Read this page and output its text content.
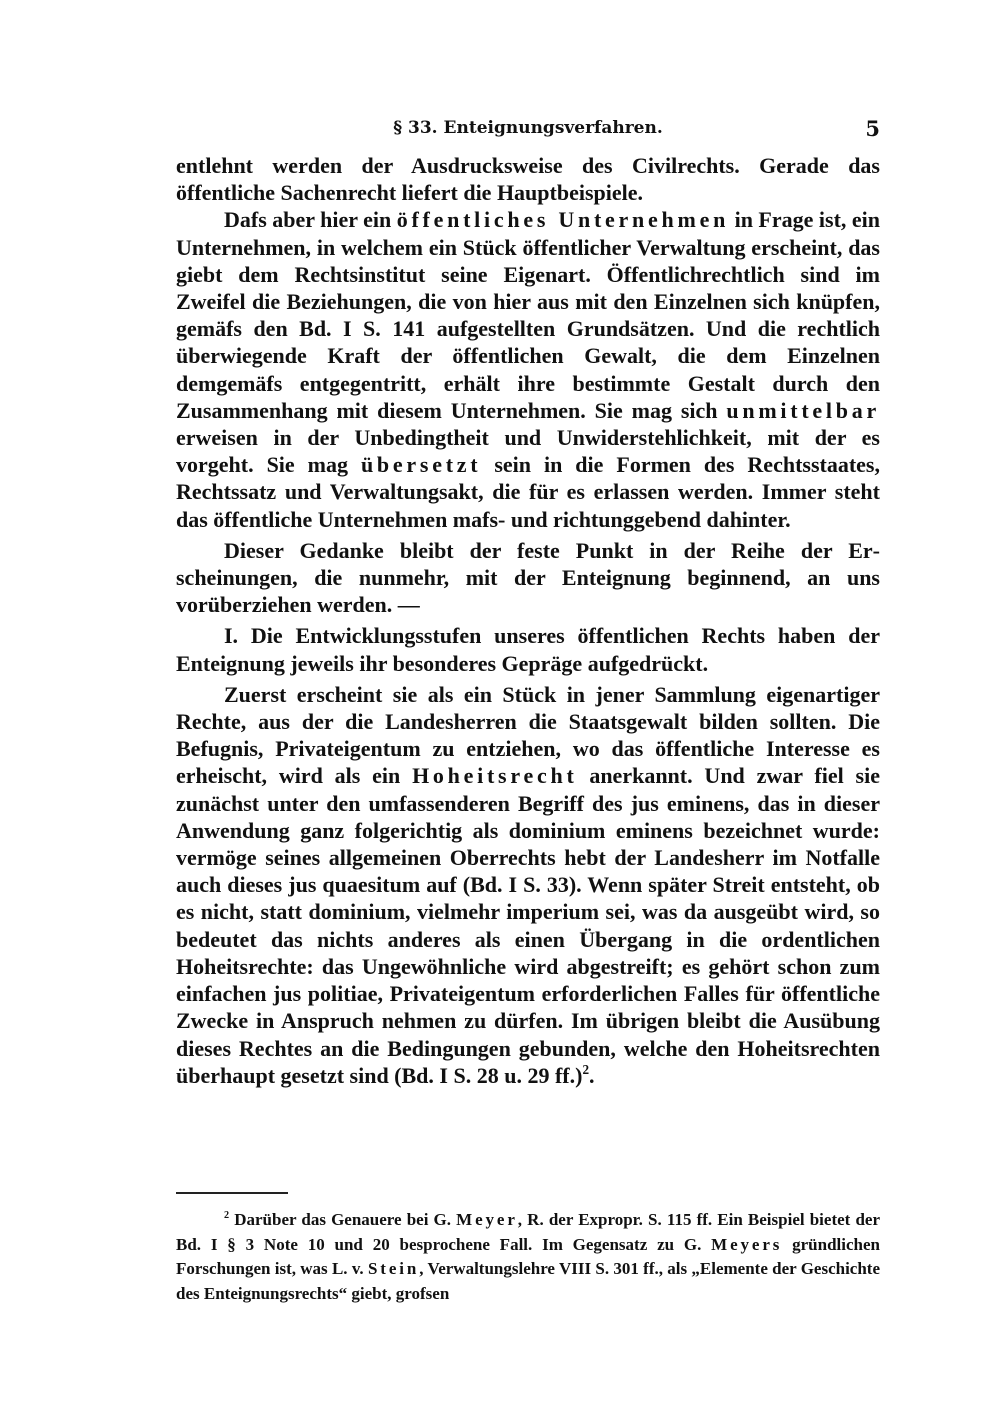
§ 33. Enteignungsverfahren.	5

entlehnt werden der Ausdrucksweise des Civilrechts. Gerade das öffentliche Sachenrecht liefert die Hauptbeispiele.

Dafs aber hier ein öffentliches Unternehmen in Frage ist, ein Unternehmen, in welchem ein Stück öffentlicher Verwaltung erscheint, das giebt dem Rechtsinstitut seine Eigenart. Öffentlichrechtlich sind im Zweifel die Beziehungen, die von hier aus mit den Einzelnen sich knüpfen, gemäfs den Bd. I S. 141 aufgestellten Grundsätzen. Und die rechtlich überwiegende Kraft der öffentlichen Gewalt, die dem Einzelnen demgemäfs entgegentritt, erhält ihre bestimmte Gestalt durch den Zusammenhang mit diesem Unternehmen. Sie mag sich unmittelbar erweisen in der Unbedingtheit und Unwiderstehlichkeit, mit der es vorgeht. Sie mag übersetzt sein in die Formen des Rechtsstaates, Rechtssatz und Verwaltungsakt, die für es erlassen werden. Immer steht das öffentliche Unternehmen mafs- und richtunggebend dahinter.

Dieser Gedanke bleibt der feste Punkt in der Reihe der Erscheinungen, die nunmehr, mit der Enteignung beginnend, an uns vorüberziehen werden. —

I. Die Entwicklungsstufen unseres öffentlichen Rechts haben der Enteignung jeweils ihr besonderes Gepräge aufgedrückt.

Zuerst erscheint sie als ein Stück in jener Sammlung eigenartiger Rechte, aus der die Landesherren die Staatsgewalt bilden sollten. Die Befugnis, Privateigentum zu entziehen, wo das öffentliche Interesse es erheischt, wird als ein Hoheitsrecht anerkannt. Und zwar fiel sie zunächst unter den umfassenderen Begriff des jus eminens, das in dieser Anwendung ganz folgerichtig als dominium eminens bezeichnet wurde: vermöge seines allgemeinen Oberrechts hebt der Landesherr im Notfalle auch dieses jus quaesitum auf (Bd. I S. 33). Wenn später Streit entsteht, ob es nicht, statt dominium, vielmehr imperium sei, was da ausgeübt wird, so bedeutet das nichts anderes als einen Übergang in die ordentlichen Hoheitsrechte: das Ungewöhnliche wird abgestreift; es gehört schon zum einfachen jus politiae, Privateigentum erforderlichen Falles für öffentliche Zwecke in Anspruch nehmen zu dürfen. Im übrigen bleibt die Ausübung dieses Rechtes an die Bedingungen gebunden, welche den Hoheitsrechten überhaupt gesetzt sind (Bd. I S. 28 u. 29 ff.)$^2$.

$^2$ Darüber das Genauere bei G. Meyer, R. der Expropr. S. 115 ff. Ein Beispiel bietet der Bd. I § 3 Note 10 und 20 besprochene Fall. Im Gegensatz zu G. Meyers gründlichen Forschungen ist, was L. v. Stein, Verwaltungslehre VIII S. 301 ff., als „Elemente der Geschichte des Enteignungsrechts“ giebt, grofsen
